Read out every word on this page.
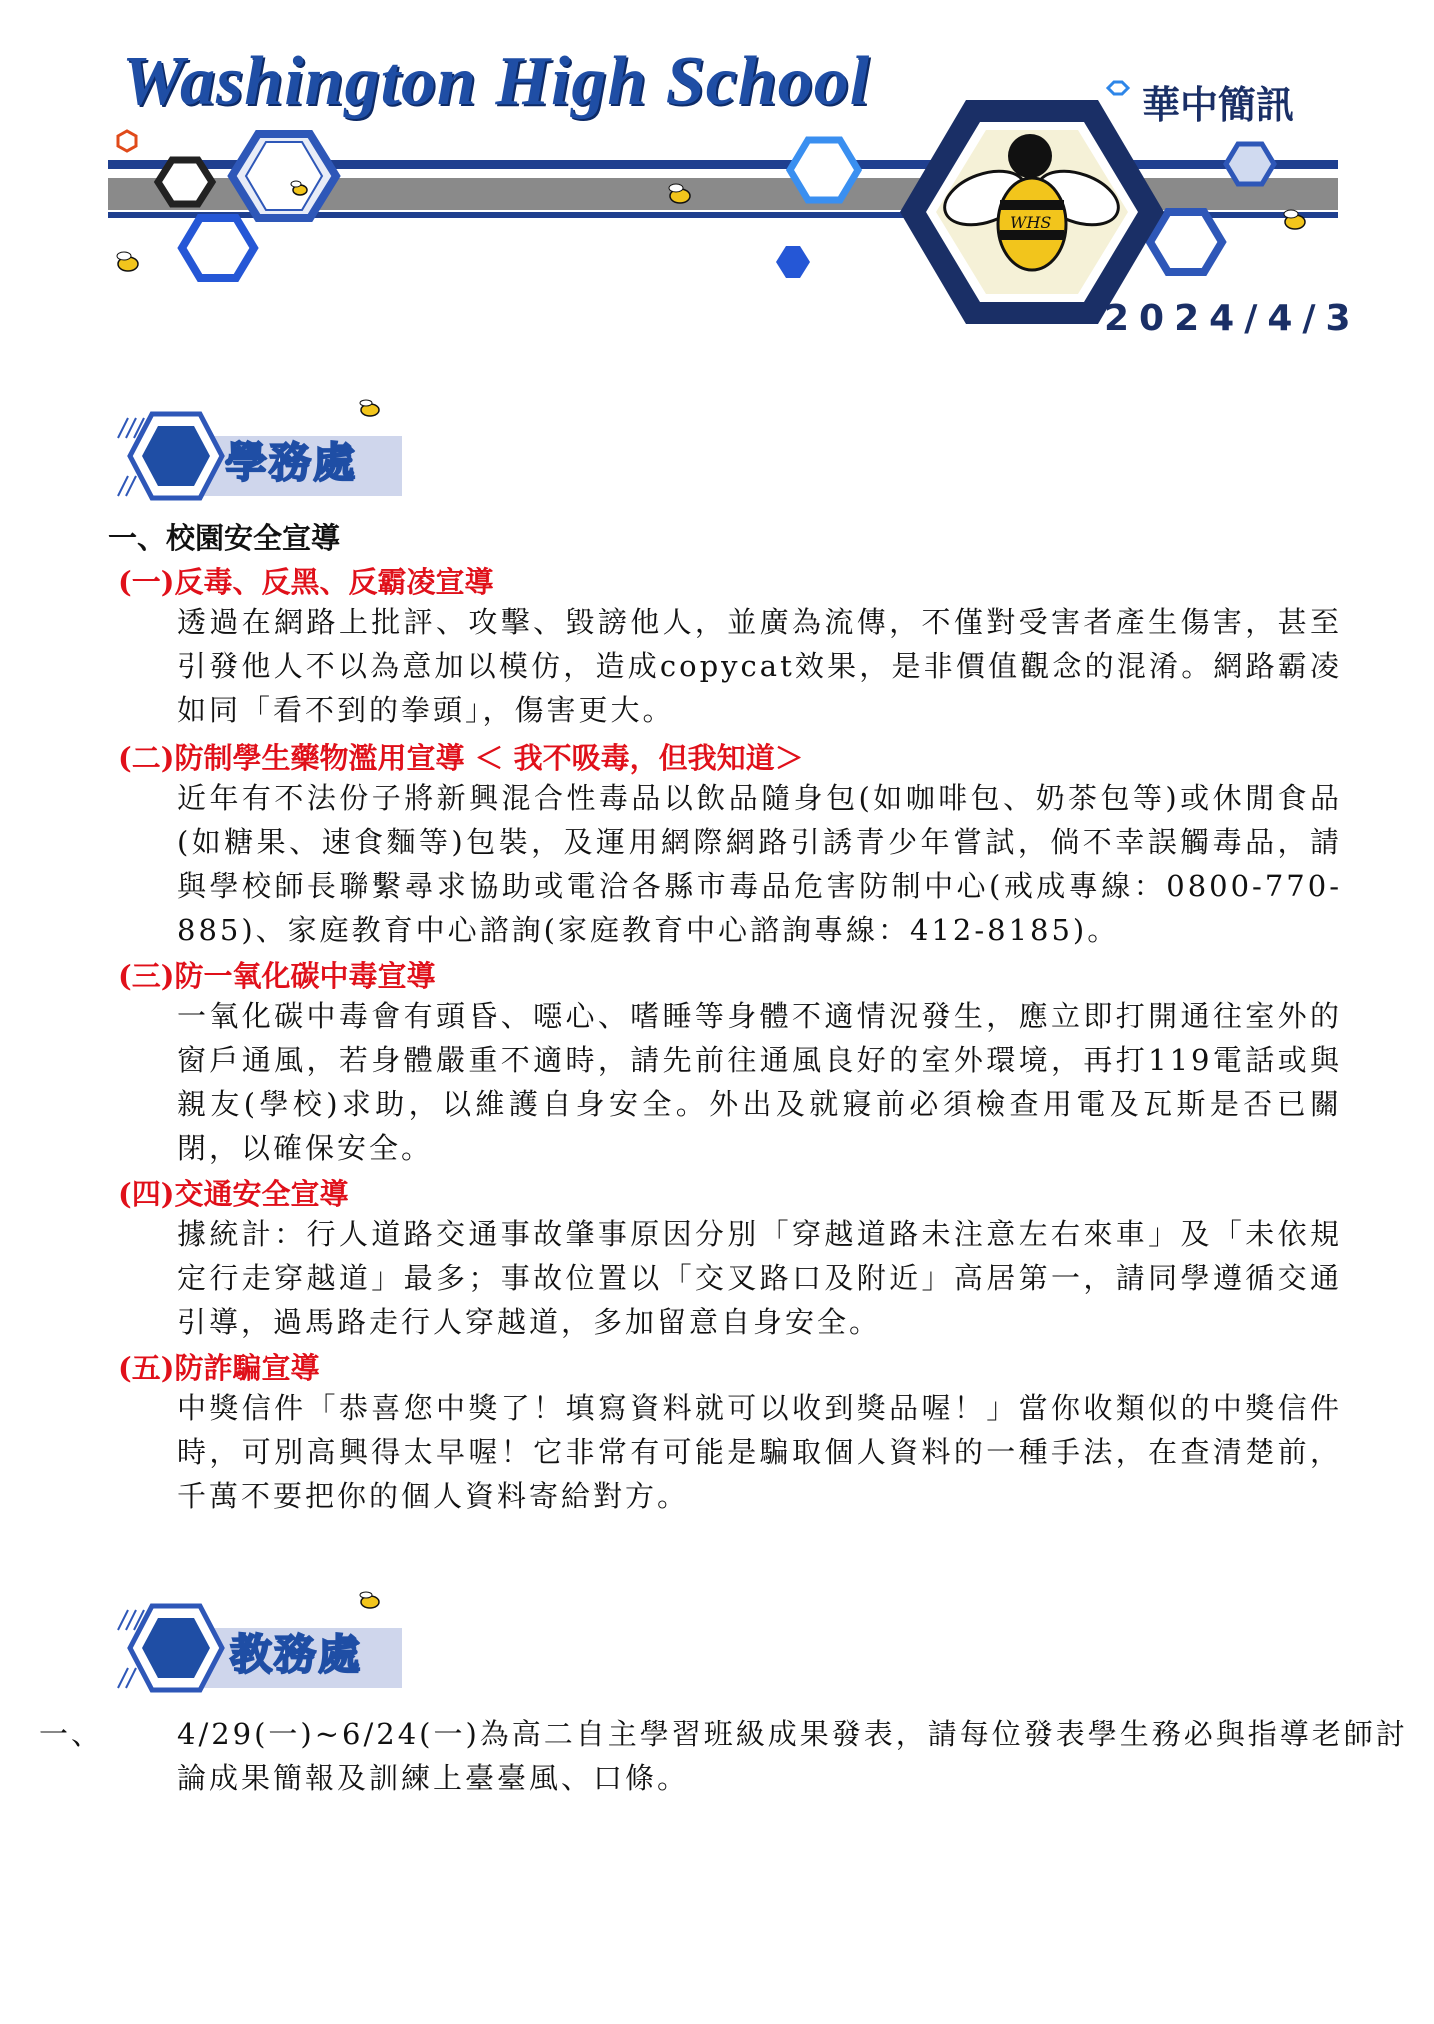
WHS
Washington High School	華中簡訊
2024/4/3
學務處
一、校園安全宣導
(一)反毒、反黑、反霸凌宣導
透過在網路上批評、攻擊、毀謗他人，並廣為流傳，不僅對受害者產生傷害，甚至引發他人不以為意加以模仿，造成copycat效果，是非價值觀念的混淆。網路霸凌如同「看不到的拳頭」，傷害更大。
(二)防制學生藥物濫用宣導 ＜ 我不吸毒，但我知道＞
近年有不法份子將新興混合性毒品以飲品隨身包(如咖啡包、奶茶包等)或休閒食品 (如糖果、速食麵等)包裝，及運用網際網路引誘青少年嘗試，倘不幸誤觸毒品，請與學校師長聯繫尋求協助或電洽各縣市毒品危害防制中心(戒成專線：0800-770-885)、家庭教育中心諮詢(家庭教育中心諮詢專線：412-8185)。
(三)防一氧化碳中毒宣導
一氧化碳中毒會有頭昏、噁心、嗜睡等身體不適情況發生，應立即打開通往室外的窗戶通風，若身體嚴重不適時，請先前往通風良好的室外環境，再打119電話或與親友(學校)求助，以維護自身安全。外出及就寢前必須檢查用電及瓦斯是否已關閉，以確保安全。
(四)交通安全宣導
據統計：行人道路交通事故肇事原因分別「穿越道路未注意左右來車」及「未依規定行走穿越道」最多；事故位置以「交叉路口及附近」高居第一，請同學遵循交通引導，過馬路走行人穿越道，多加留意自身安全。
(五)防詐騙宣導
中獎信件「恭喜您中獎了！填寫資料就可以收到獎品喔！」當你收類似的中獎信件時，可別高興得太早喔！它非常有可能是騙取個人資料的一種手法，在查清楚前，千萬不要把你的個人資料寄給對方。
教務處
一、	4/29(一)~6/24(一)為高二自主學習班級成果發表，請每位發表學生務必與指導老師討論成果簡報及訓練上臺臺風、口條。
